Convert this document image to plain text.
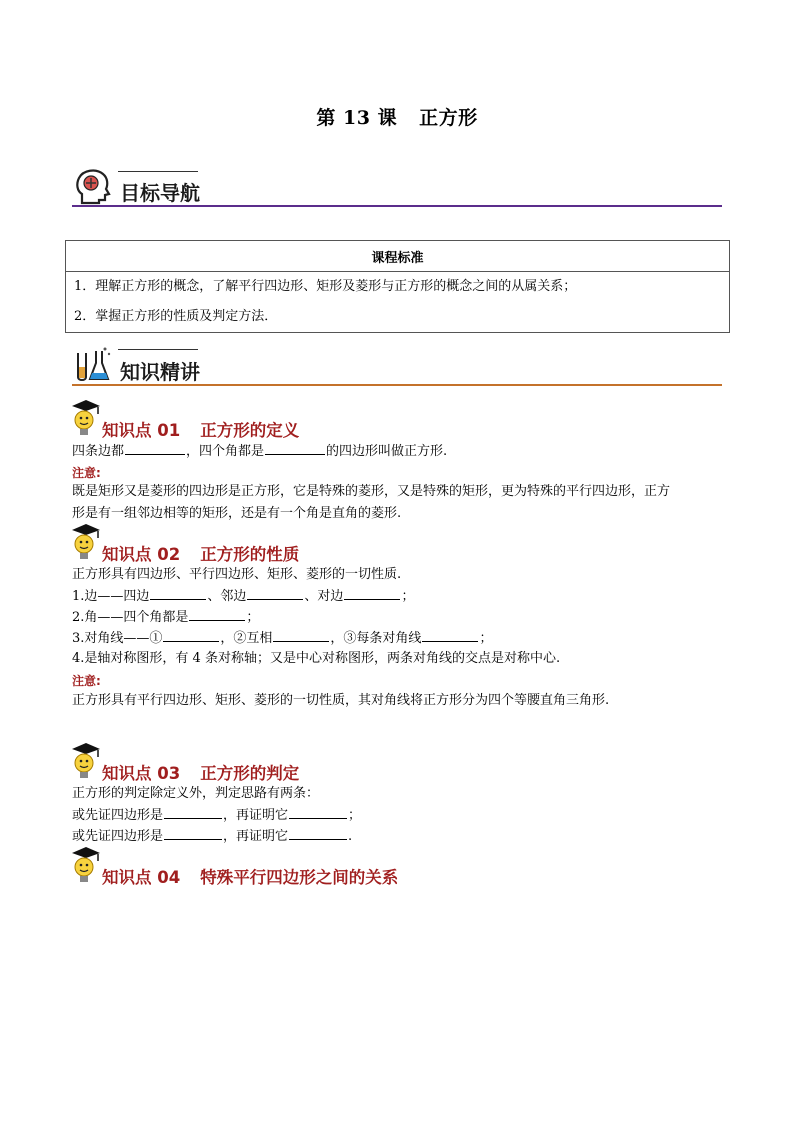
第 13 课 正方形
目标导航
课程标准

1．理解正方形的概念，了解平行四边形、矩形及菱形与正方形的概念之间的从属关系；
2．掌握正方形的性质及判定方法．
知识精讲
知识点 01 正方形的定义
四条边都	，四个角都是	的四边形叫做正方形.
注意:
既是矩形又是菱形的四边形是正方形，它是特殊的菱形，又是特殊的矩形，更为特殊的平行四边形，正方
形是有一组邻边相等的矩形，还是有一个角是直角的菱形.
知识点 02 正方形的性质
正方形具有四边形、平行四边形、矩形、菱形的一切性质.
1.边——四边	、邻边	、对边	；
2.角——四个角都是	；
3.对角线——①	，②互相	，③每条对角线	；
4.是轴对称图形，有 4 条对称轴；又是中心对称图形，两条对角线的交点是对称中心.
注意:
正方形具有平行四边形、矩形、菱形的一切性质，其对角线将正方形分为四个等腰直角三角形.
知识点 03 正方形的判定
正方形的判定除定义外，判定思路有两条：
或先证四边形是	，再证明它	；
或先证四边形是	，再证明它	.
知识点 04 特殊平行四边形之间的关系
